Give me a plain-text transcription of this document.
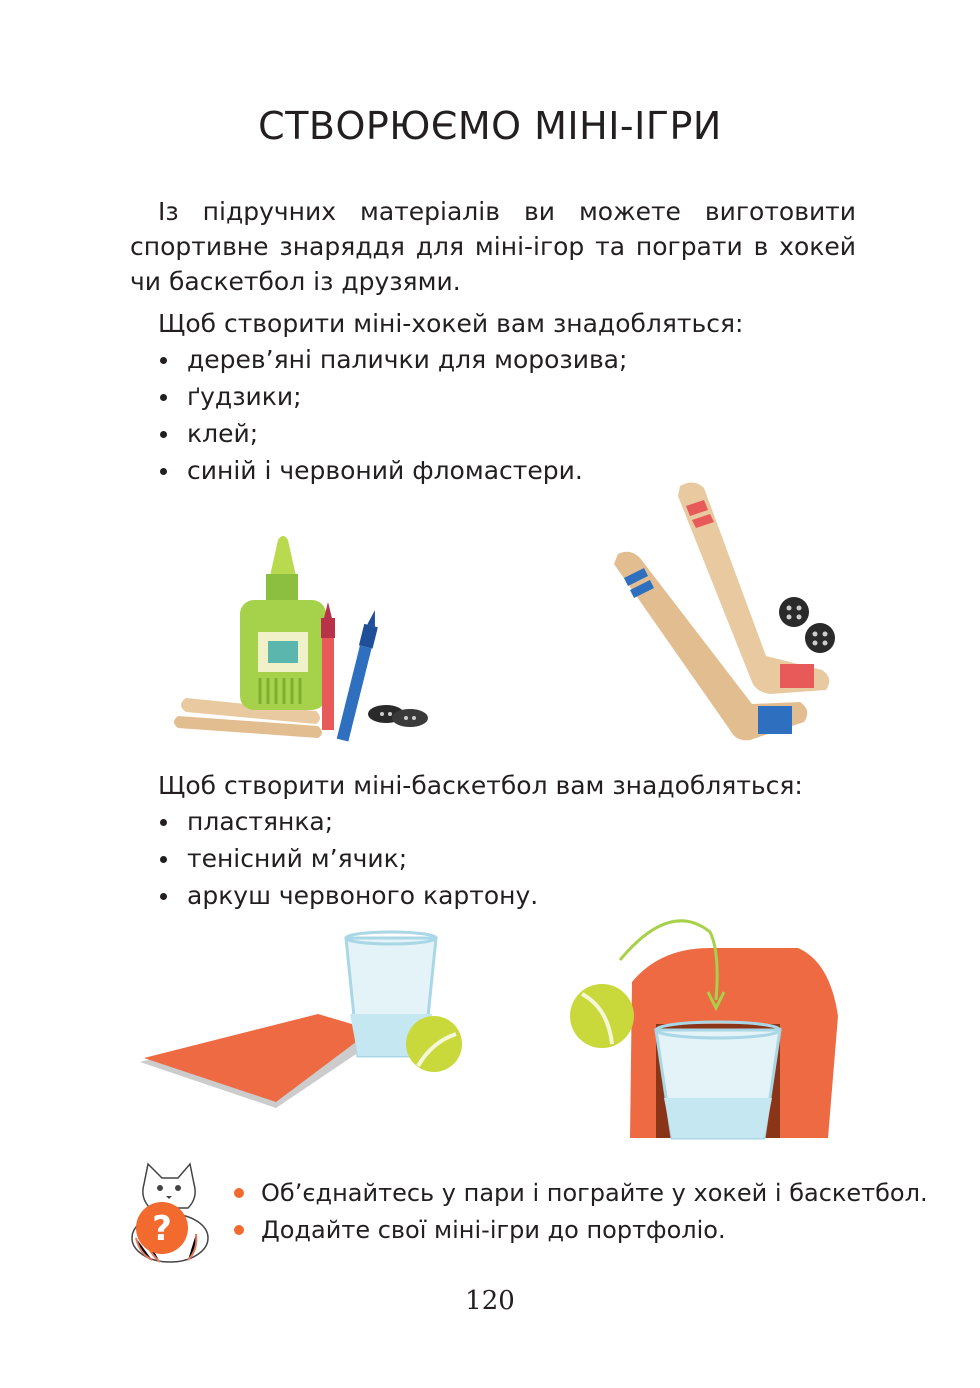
СТВОРЮЄМО МІНІ-ІГРИ

Із підручних матеріалів ви можете виготовити спортивне знаряддя для міні-ігор та пограти в хокей чи баскетбол із друзями.

Щоб створити міні-хокей вам знадобляться:
дерев’яні палички для морозива;
ґудзики;
клей;
синій і червоний фломастери.
Щоб створити міні-баскетбол вам знадобляться:
пластянка;
тенісний м’ячик;
аркуш червоного картону.
?
Об’єднайтесь у пари і пограйте у хокей і баскетбол.
Додайте свої міні-ігри до портфоліо.
120
